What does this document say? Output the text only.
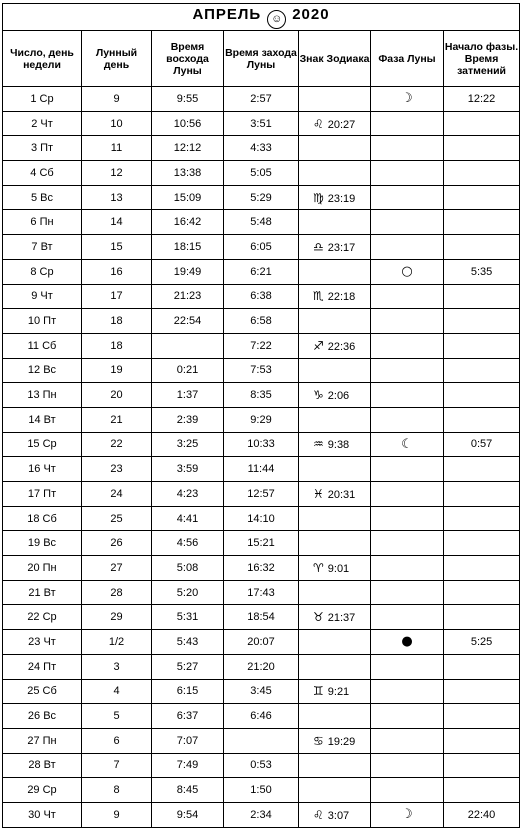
АПРЕЛЬ ☺ 2020						
Число, день недели	Лунный день	Время восхода Луны	Время захода Луны	Знак Зодиака	Фаза Луны	Начало фазы. Время затмений
1 Ср	9	9:55	2:57		☽	12:22
2 Чт	10	10:56	3:51	♌ 20:27		
3 Пт	11	12:12	4:33			
4 Сб	12	13:38	5:05			
5 Вс	13	15:09	5:29	♍ 23:19		
6 Пн	14	16:42	5:48			
7 Вт	15	18:15	6:05	♎ 23:17		
8 Ср	16	19:49	6:21		○	5:35
9 Чт	17	21:23	6:38	♏ 22:18		
10 Пт	18	22:54	6:58			
11 Сб	18		7:22	♐ 22:36		
12 Вс	19	0:21	7:53			
13 Пн	20	1:37	8:35	♑ 2:06		
14 Вт	21	2:39	9:29			
15 Ср	22	3:25	10:33	♒ 9:38	☾	0:57
16 Чт	23	3:59	11:44			
17 Пт	24	4:23	12:57	♓ 20:31		
18 Сб	25	4:41	14:10			
19 Вс	26	4:56	15:21			
20 Пн	27	5:08	16:32	♈ 9:01		
21 Вт	28	5:20	17:43			
22 Ср	29	5:31	18:54	♉ 21:37		
23 Чт	1/2	5:43	20:07		●	5:25
24 Пт	3	5:27	21:20			
25 Сб	4	6:15	3:45	♊ 9:21		
26 Вс	5	6:37	6:46			
27 Пн	6	7:07		♋ 19:29		
28 Вт	7	7:49	0:53			
29 Ср	8	8:45	1:50			
30 Чт	9	9:54	2:34	♌ 3:07	☽	22:40
